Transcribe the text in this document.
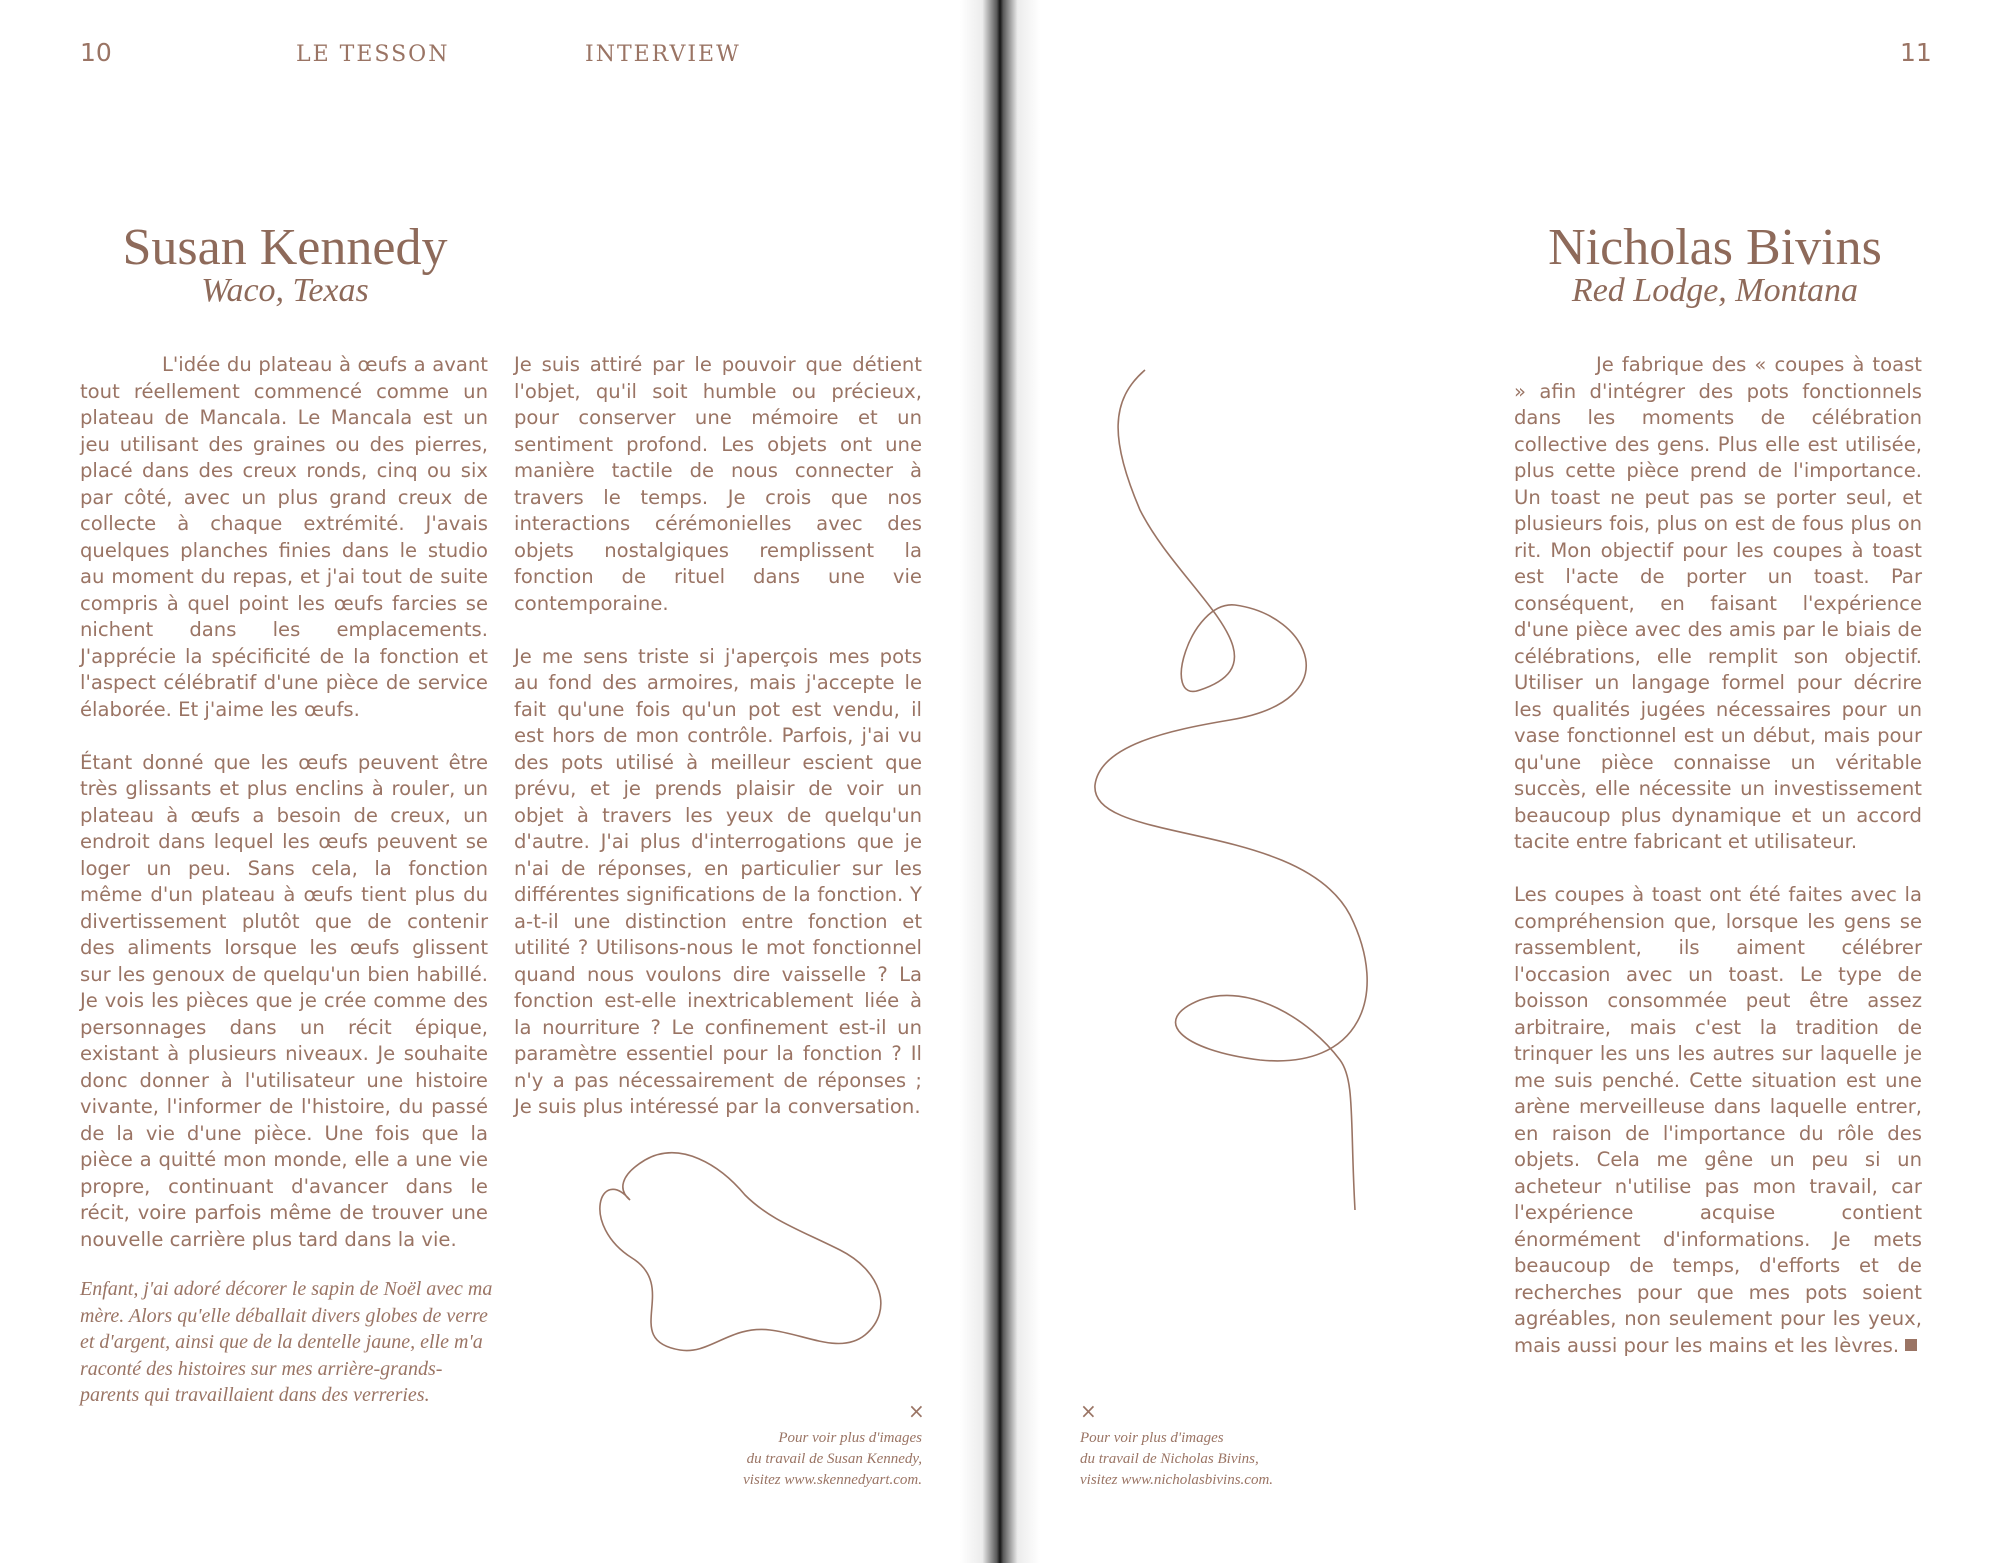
10	LE TESSON	INTERVIEW
Susan Kennedy
Waco, Texas

L'idée du plateau à œufs a avant tout réellement commencé comme un plateau de Mancala. Le Mancala est un jeu utilisant des graines ou des pierres, placé dans des creux ronds, cinq ou six par côté, avec un plus grand creux de collecte à chaque extrémité. J'avais quelques planches finies dans le studio au moment du repas, et j'ai tout de suite compris à quel point les œufs farcies se nichent dans les emplacements. J'apprécie la spécificité de la fonction et l'aspect célébratif d'une pièce de service élaborée. Et j'aime les œufs.

Étant donné que les œufs peuvent être très glissants et plus enclins à rouler, un plateau à œufs a besoin de creux, un endroit dans lequel les œufs peuvent se loger un peu. Sans cela, la fonction même d'un plateau à œufs tient plus du divertissement plutôt que de contenir des aliments lorsque les œufs glissent sur les genoux de quelqu'un bien habillé. Je vois les pièces que je crée comme des personnages dans un récit épique, existant à plusieurs niveaux. Je souhaite donc donner à l'utilisateur une histoire vivante, l'informer de l'histoire, du passé de la vie d'une pièce. Une fois que la pièce a quitté mon monde, elle a une vie propre, continuant d'avancer dans le récit, voire parfois même de trouver une nouvelle carrière plus tard dans la vie.

Enfant, j'ai adoré décorer le sapin de Noël avec ma mère. Alors qu'elle déballait divers globes de verre et d'argent, ainsi que de la dentelle jaune, elle m'a raconté des histoires sur mes arrière-grands-parents qui travaillaient dans des verreries.

Je suis attiré par le pouvoir que détient l'objet, qu'il soit humble ou précieux, pour conserver une mémoire et un sentiment profond. Les objets ont une manière tactile de nous connecter à travers le temps. Je crois que nos interactions cérémonielles avec des objets nostalgiques remplissent la fonction de rituel dans une vie contemporaine.

Je me sens triste si j'aperçois mes pots au fond des armoires, mais j'accepte le fait qu'une fois qu'un pot est vendu, il est hors de mon contrôle. Parfois, j'ai vu des pots utilisé à meilleur escient que prévu, et je prends plaisir de voir un objet à travers les yeux de quelqu'un d'autre. J'ai plus d'interrogations que je n'ai de réponses, en particulier sur les différentes significations de la fonction. Y a-t-il une distinction entre fonction et utilité ? Utilisons-nous le mot fonctionnel quand nous voulons dire vaisselle ? La fonction est-elle inextricablement liée à la nourriture ? Le confinement est-il un paramètre essentiel pour la fonction ? Il n'y a pas nécessairement de réponses ; Je suis plus intéressé par la conversation.

×
Pour voir plus d'images
du travail de Susan Kennedy,
visitez www.skennedyart.com.
11
Nicholas Bivins
Red Lodge, Montana
×
Pour voir plus d'images
du travail de Nicholas Bivins,
visitez www.nicholasbivins.com.

Je fabrique des « coupes à toast » afin d'intégrer des pots fonctionnels dans les moments de célébration collective des gens. Plus elle est utilisée, plus cette pièce prend de l'importance. Un toast ne peut pas se porter seul, et plusieurs fois, plus on est de fous plus on rit. Mon objectif pour les coupes à toast est l'acte de porter un toast. Par conséquent, en faisant l'expérience d'une pièce avec des amis par le biais de célébrations, elle remplit son objectif. Utiliser un langage formel pour décrire les qualités jugées nécessaires pour un vase fonctionnel est un début, mais pour qu'une pièce connaisse un véritable succès, elle nécessite un investissement beaucoup plus dynamique et un accord tacite entre fabricant et utilisateur.

Les coupes à toast ont été faites avec la compréhension que, lorsque les gens se rassemblent, ils aiment célébrer l'occasion avec un toast. Le type de boisson consommée peut être assez arbitraire, mais c'est la tradition de trinquer les uns les autres sur laquelle je me suis penché. Cette situation est une arène merveilleuse dans laquelle entrer, en raison de l'importance du rôle des objets. Cela me gêne un peu si un acheteur n'utilise pas mon travail, car l'expérience acquise contient énormément d'informations. Je mets beaucoup de temps, d'efforts et de recherches pour que mes pots soient agréables, non seulement pour les yeux, mais aussi pour les mains et les lèvres.
